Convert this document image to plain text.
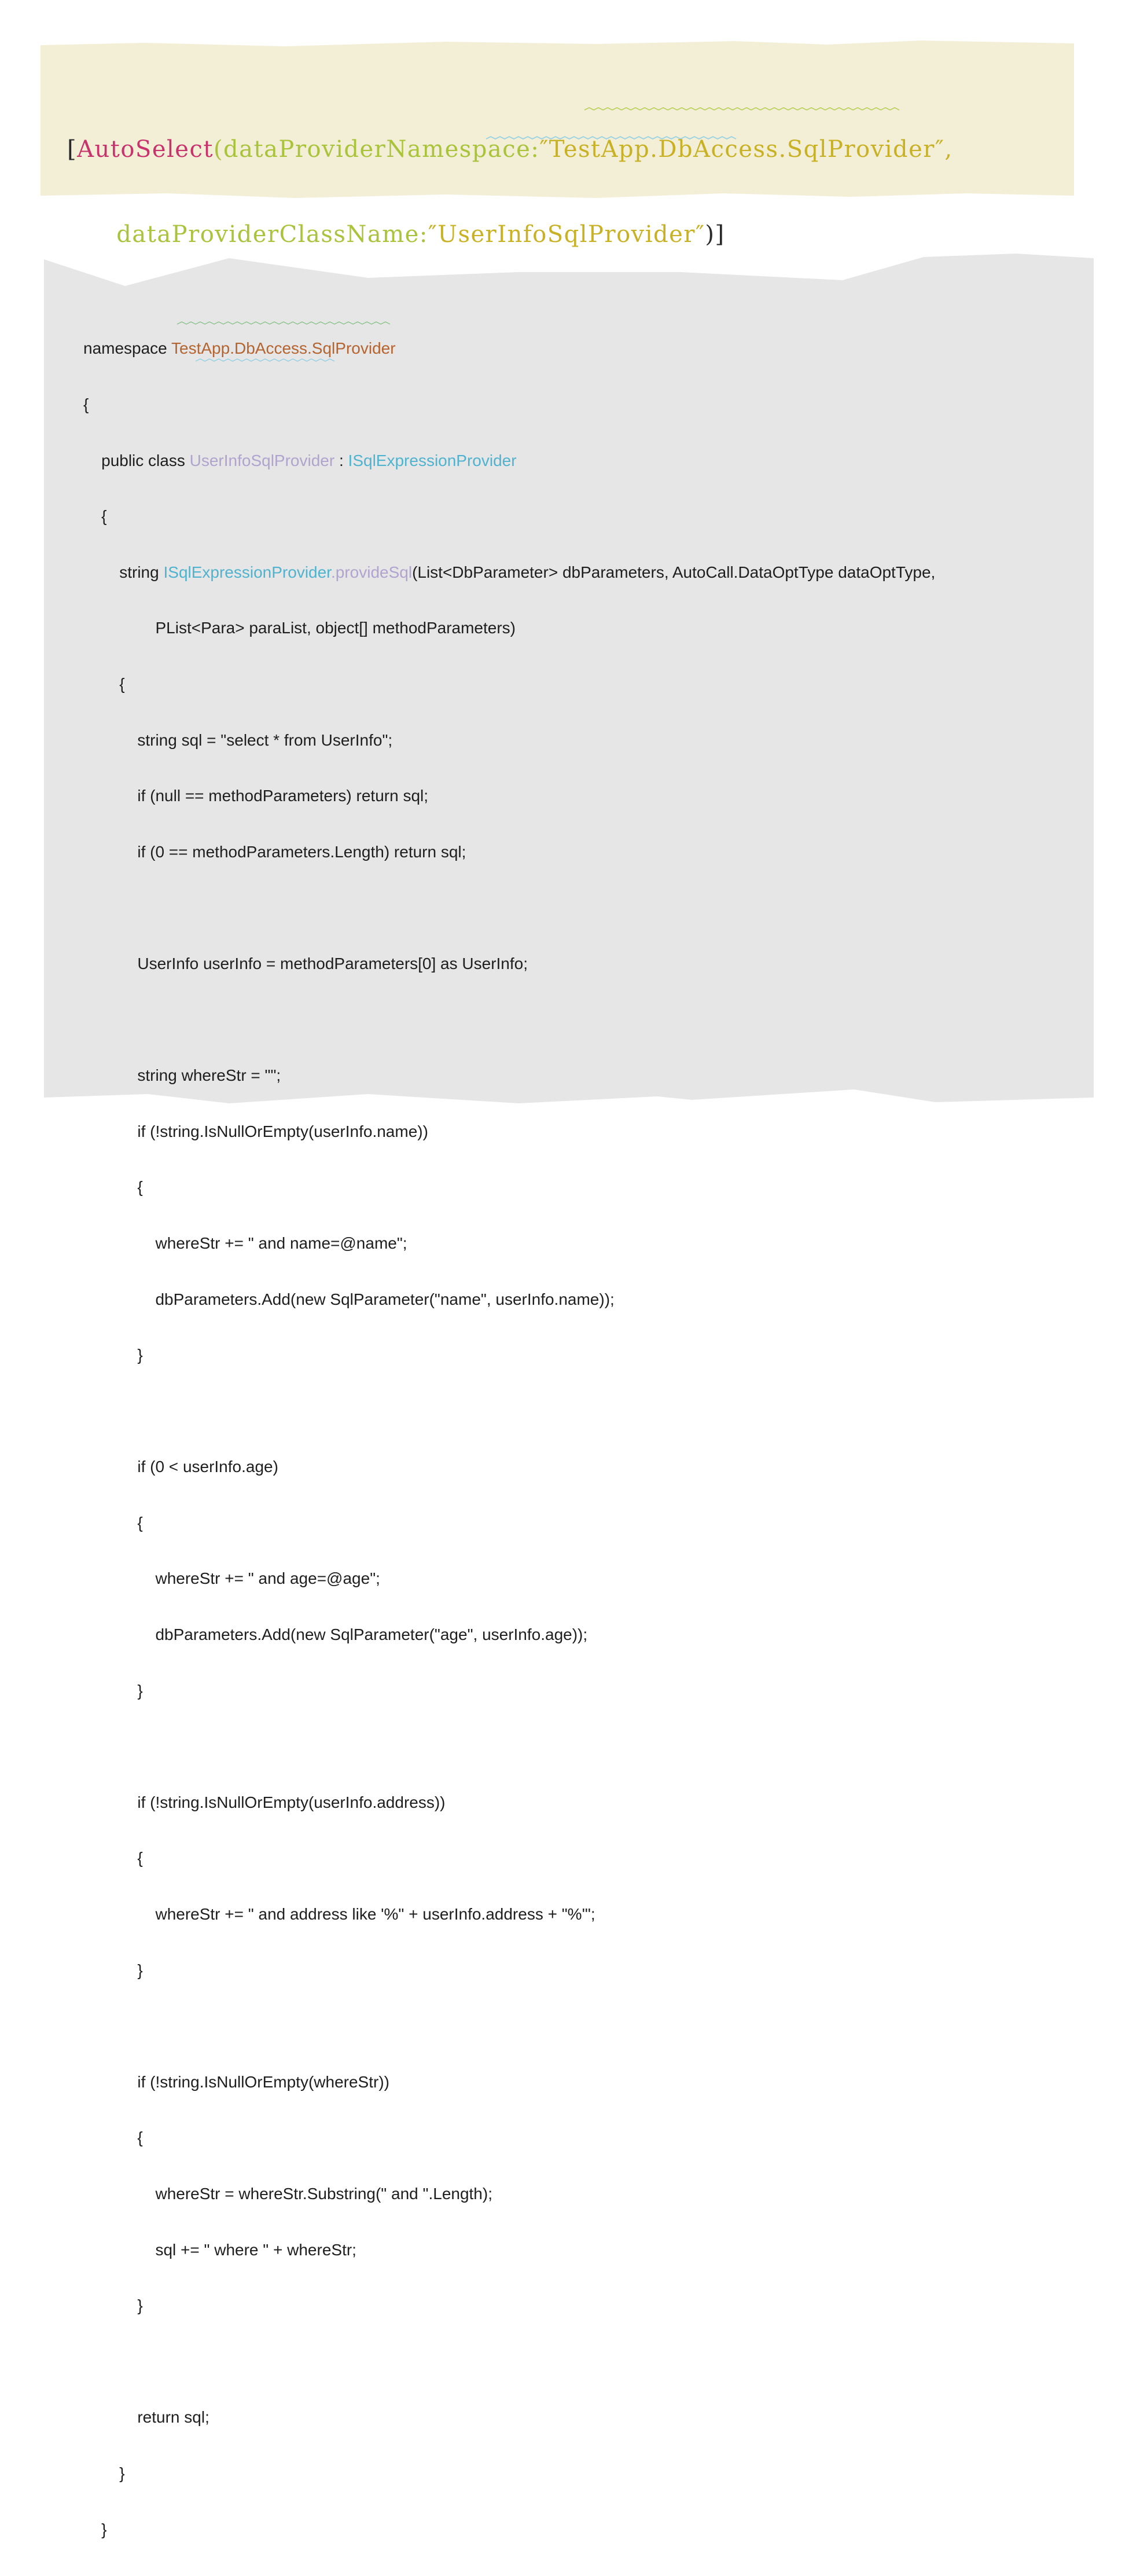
[AutoSelect(dataProviderNamespace:″TestApp.DbAccess.SqlProvider″,

dataProviderClassName:″UserInfoSqlProvider″)]

namespace TestApp.DbAccess.SqlProvider

{

public class UserInfoSqlProvider : ISqlExpressionProvider

{

string ISqlExpressionProvider.provideSql(List<DbParameter> dbParameters, AutoCall.DataOptType dataOptType,

PList<Para> paraList, object[] methodParameters)

{

string sql = "select * from UserInfo";

if (null == methodParameters) return sql;

if (0 == methodParameters.Length) return sql;

UserInfo userInfo = methodParameters[0] as UserInfo;

string whereStr = "";

if (!string.IsNullOrEmpty(userInfo.name))

{

whereStr += " and name=@name";

dbParameters.Add(new SqlParameter("name", userInfo.name));

}

if (0 < userInfo.age)

{

whereStr += " and age=@age";

dbParameters.Add(new SqlParameter("age", userInfo.age));

}

if (!string.IsNullOrEmpty(userInfo.address))

{

whereStr += " and address like '%" + userInfo.address + "%'";

}

if (!string.IsNullOrEmpty(whereStr))

{

whereStr = whereStr.Substring(" and ".Length);

sql += " where " + whereStr;

}

return sql;

}

}
